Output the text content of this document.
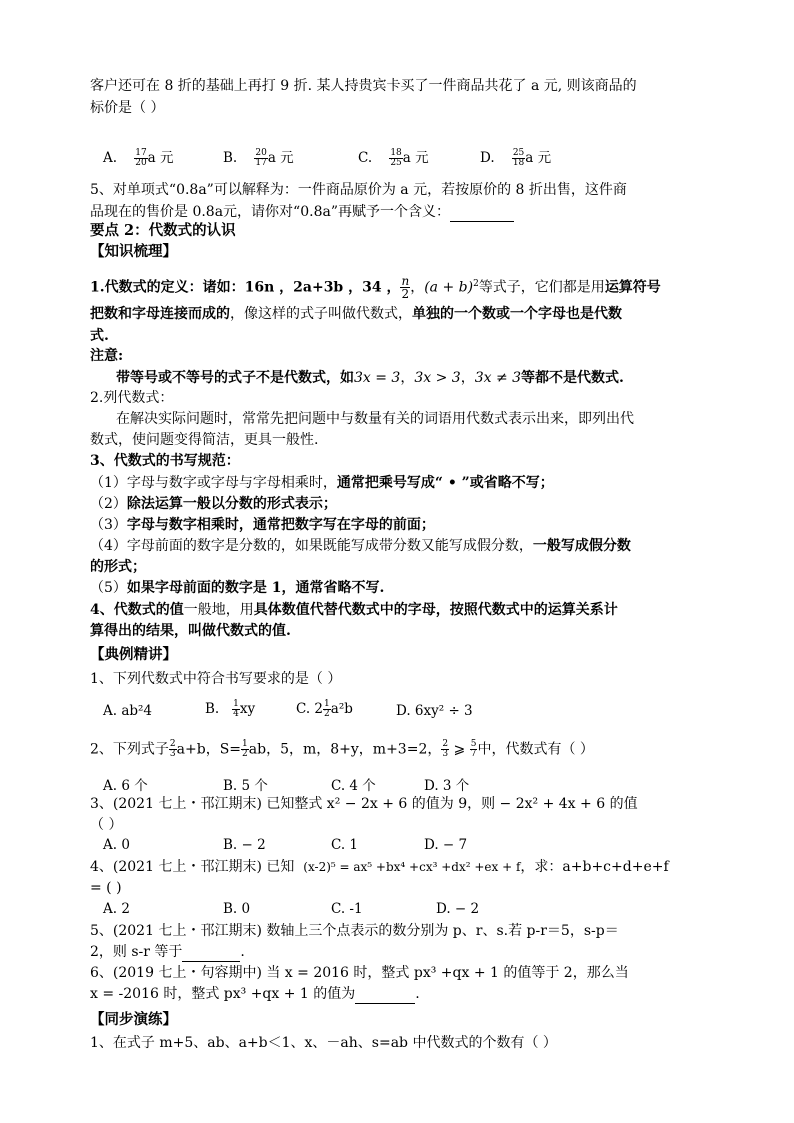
客户还可在 8 折的基础上再打 9 折. 某人持贵宾卡买了一件商品共花了 a 元, 则该商品的
标价是（ ）
A. $\frac{17}{20}$ a 元	B. $\frac{20}{17}$ a 元	C. $\frac{18}{25}$ a 元	D. $\frac{25}{18}$ a 元
5、对单项式“0.8a”可以解释为：一件商品原价为 a 元，若按原价的 8 折出售，这件商
品现在的售价是 0.8a元，请你对“0.8a”再赋予一个含义：
要点 2：代数式的认识
【知识梳理】
1.代数式的定义：诸如：16n ，2a+3b ，34 ， $\frac{n}{2}$ ，$(a + b)^2$等式子，它们都是用运算符号
把数和字母连接而成的，像这样的式子叫做代数式，单独的一个数或一个字母也是代数
式.
注意:
带等号或不等号的式子不是代数式，如3x = 3，3x > 3，3x ≠ 3等都不是代数式.
2.列代数式：
在解决实际问题时，常常先把问题中与数量有关的词语用代数式表示出来，即列出代
数式，使问题变得简洁，更具一般性.
3、代数式的书写规范：
（1）字母与数字或字母与字母相乘时，通常把乘号写成“ • ”或省略不写；
（2）除法运算一般以分数的形式表示；
（3）字母与数字相乘时，通常把数字写在字母的前面；
（4）字母前面的数字是分数的，如果既能写成带分数又能写成假分数，一般写成假分数
的形式；
（5）如果字母前面的数字是 1，通常省略不写.
4、代数式的值一般地，用具体数值代替代数式中的字母，按照代数式中的运算关系计
算得出的结果，叫做代数式的值.
【典例精讲】
1、下列代数式中符合书写要求的是（ ）
A. ab²4	B. $\frac{1}{4}$ xy	C. $2 \frac{1}{2} a^2b$	D. 6xy² ÷ 3
2、下列式子 $\frac{2}{3} a+b$，$S= \frac{1}{2}$ ab，5，m，8+y，m+3=2， $\frac{2}{3}$ ⩾ $\frac{5}{7}$ 中，代数式有（ ）
A. 6 个	B. 5 个	C. 4 个	D. 3 个
3、(2021 七上・邗江期末) 已知整式 x² − 2x + 6 的值为 9，则 − 2x² + 4x + 6 的值
（ ）
A. 0	B. − 2	C. 1	D. − 7
4、(2021 七上・邗江期末) 已知 (x-2)⁵ = ax⁵ +bx⁴ +cx³ +dx² +ex + f，求：a+b+c+d+e+f
= ( )
A. 2	B. 0	C. -1	D. − 2
5、(2021 七上・邗江期末) 数轴上三个点表示的数分别为 p、r、s.若 p-r＝5，s-p＝
2，则 s-r 等于	.
6、(2019 七上・句容期中) 当 x = 2016 时，整式 px³ +qx + 1 的值等于 2，那么当
x = -2016 时，整式 px³ +qx + 1 的值为	.
【同步演练】
1、在式子 m+5、ab、a+b＜1、x、－ah、s=ab 中代数式的个数有（ ）
